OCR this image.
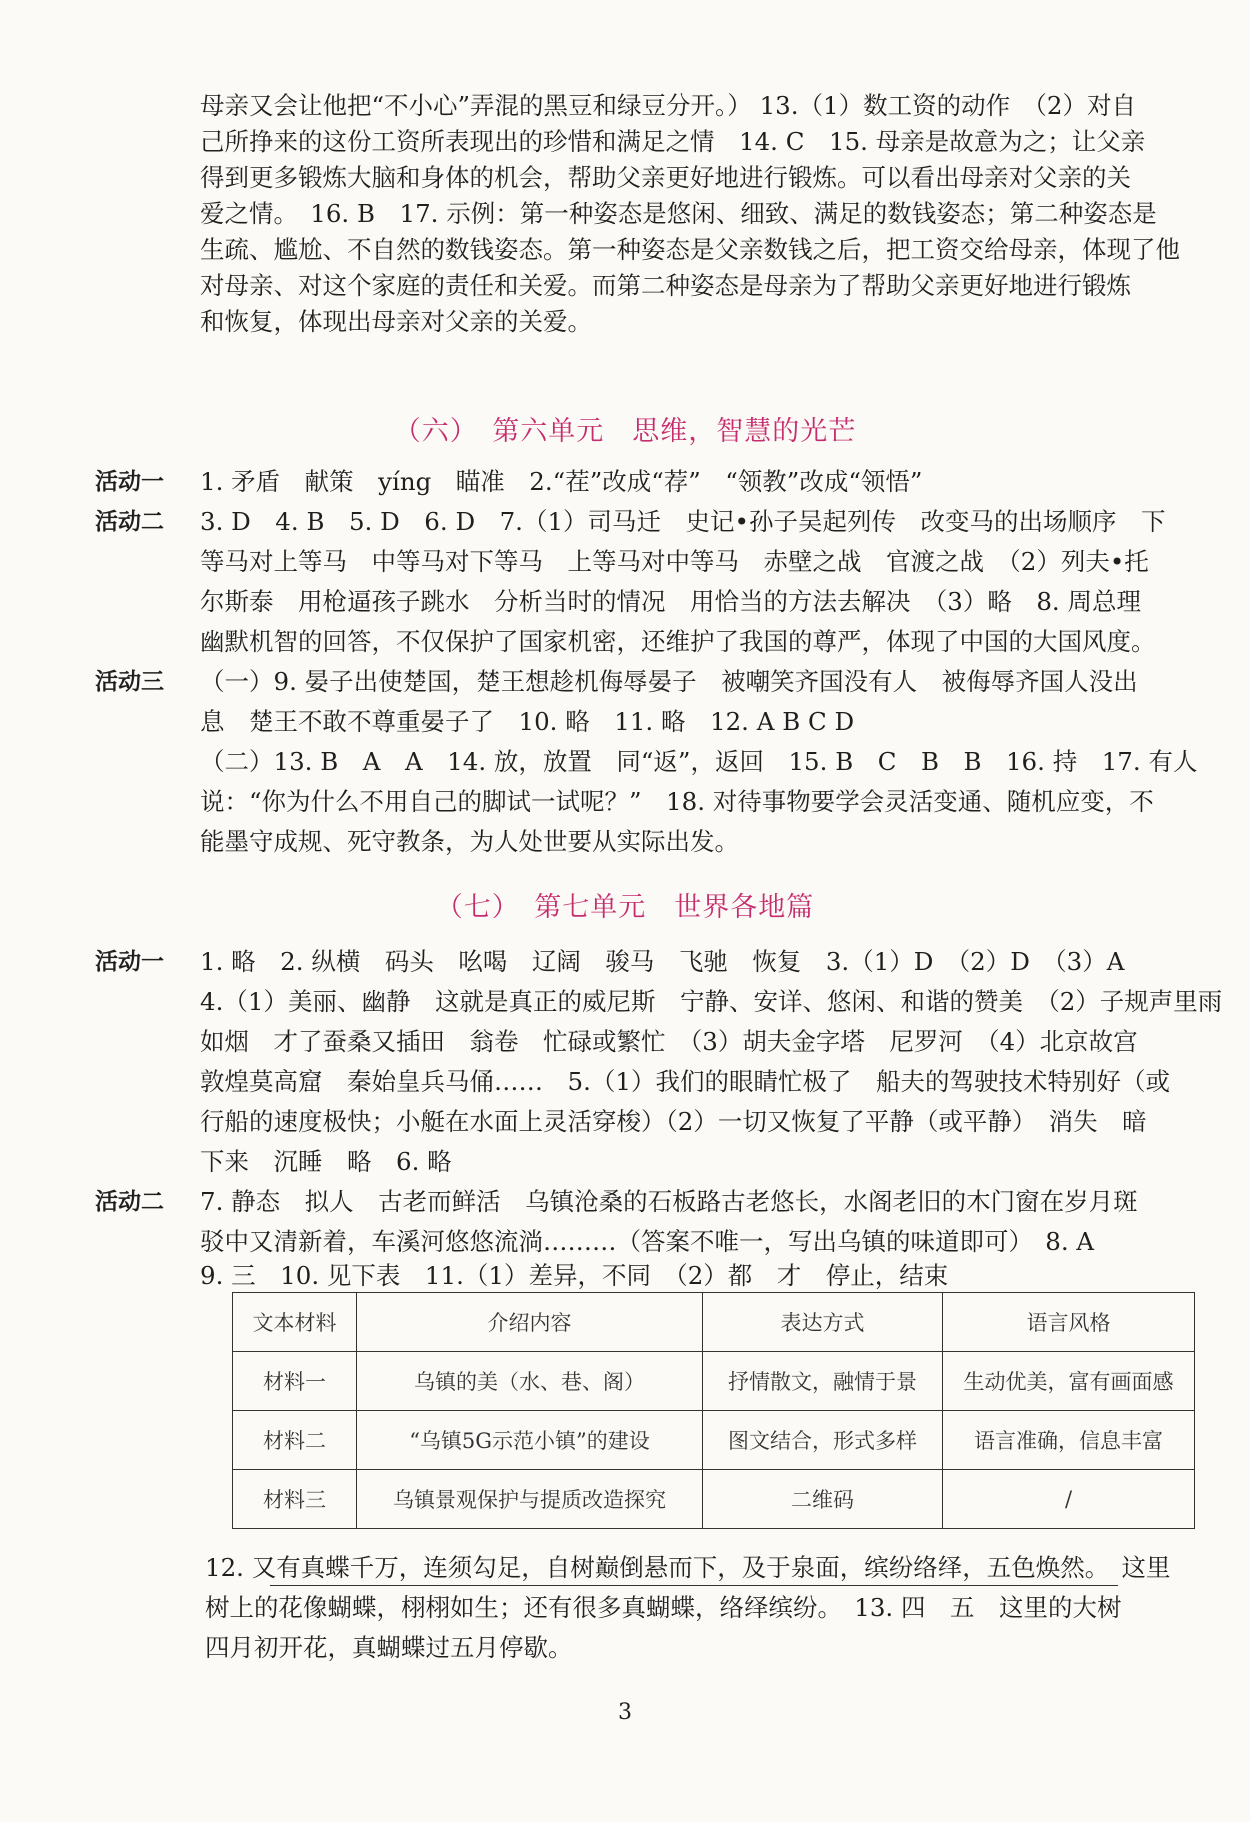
母亲又会让他把“不小心”弄混的黑豆和绿豆分开。） 13.（1）数工资的动作　（2）对自

己所挣来的这份工资所表现出的珍惜和满足之情　14. C　15. 母亲是故意为之；让父亲

得到更多锻炼大脑和身体的机会，帮助父亲更好地进行锻炼。可以看出母亲对父亲的关

爱之情。　16. B　17. 示例：第一种姿态是悠闲、细致、满足的数钱姿态；第二种姿态是

生疏、尴尬、不自然的数钱姿态。第一种姿态是父亲数钱之后，把工资交给母亲，体现了他

对母亲、对这个家庭的责任和关爱。而第二种姿态是母亲为了帮助父亲更好地进行锻炼

和恢复，体现出母亲对父亲的关爱。

（六）　第六单元　思维，智慧的光芒

活动一 1. 矛盾　献策　yíng　瞄准　2.“茬”改成“荐”　“领教”改成“领悟”

活动二 3. D　4. B　5. D　6. D　7.（1）司马迁　史记•孙子吴起列传　改变马的出场顺序　下

等马对上等马　中等马对下等马　上等马对中等马　赤壁之战　官渡之战　（2）列夫•托

尔斯泰　用枪逼孩子跳水　分析当时的情况　用恰当的方法去解决　（3）略　8. 周总理

幽默机智的回答，不仅保护了国家机密，还维护了我国的尊严，体现了中国的大国风度。

活动三 （一）9. 晏子出使楚国，楚王想趁机侮辱晏子　被嘲笑齐国没有人　被侮辱齐国人没出

息　楚王不敢不尊重晏子了　10. 略　11. 略　12. A B C D

（二）13. B　A　A　14. 放，放置　同“返”，返回　15. B　C　B　B　16. 持　17. 有人

说：“你为什么不用自己的脚试一试呢？”　18. 对待事物要学会灵活变通、随机应变，不

能墨守成规、死守教条，为人处世要从实际出发。

（七）　第七单元　世界各地篇

活动一 1. 略　2. 纵横　码头　吆喝　辽阔　骏马　飞驰　恢复　3.（1）D　（2）D　（3）A

4.（1）美丽、幽静　这就是真正的威尼斯　宁静、安详、悠闲、和谐的赞美　（2）子规声里雨

如烟　才了蚕桑又插田　翁卷　忙碌或繁忙　（3）胡夫金字塔　尼罗河　（4）北京故宫

敦煌莫高窟　秦始皇兵马俑……　5.（1）我们的眼睛忙极了　船夫的驾驶技术特别好（或

行船的速度极快；小艇在水面上灵活穿梭）（2）一切又恢复了平静（或平静）　消失　暗

下来　沉睡　略　6. 略

活动二 7. 静态　拟人　古老而鲜活　乌镇沧桑的石板路古老悠长，水阁老旧的木门窗在岁月斑

驳中又清新着，车溪河悠悠流淌………（答案不唯一，写出乌镇的味道即可）　8. A

9. 三　10. 见下表　11.（1）差异，不同　（2）都　才　停止，结束

文本材料	介绍内容	表达方式	语言风格
材料一	乌镇的美（水、巷、阁）	抒情散文，融情于景	生动优美，富有画面感
材料二	“乌镇5G示范小镇”的建设	图文结合，形式多样	语言准确，信息丰富
材料三	乌镇景观保护与提质改造探究	二维码	/

12. 又有真蝶千万，连须勾足，自树巅倒悬而下，及于泉面，缤纷络绎，五色焕然。　这里

树上的花像蝴蝶，栩栩如生；还有很多真蝴蝶，络绎缤纷。　13. 四　五　这里的大树

四月初开花，真蝴蝶过五月停歇。

3
